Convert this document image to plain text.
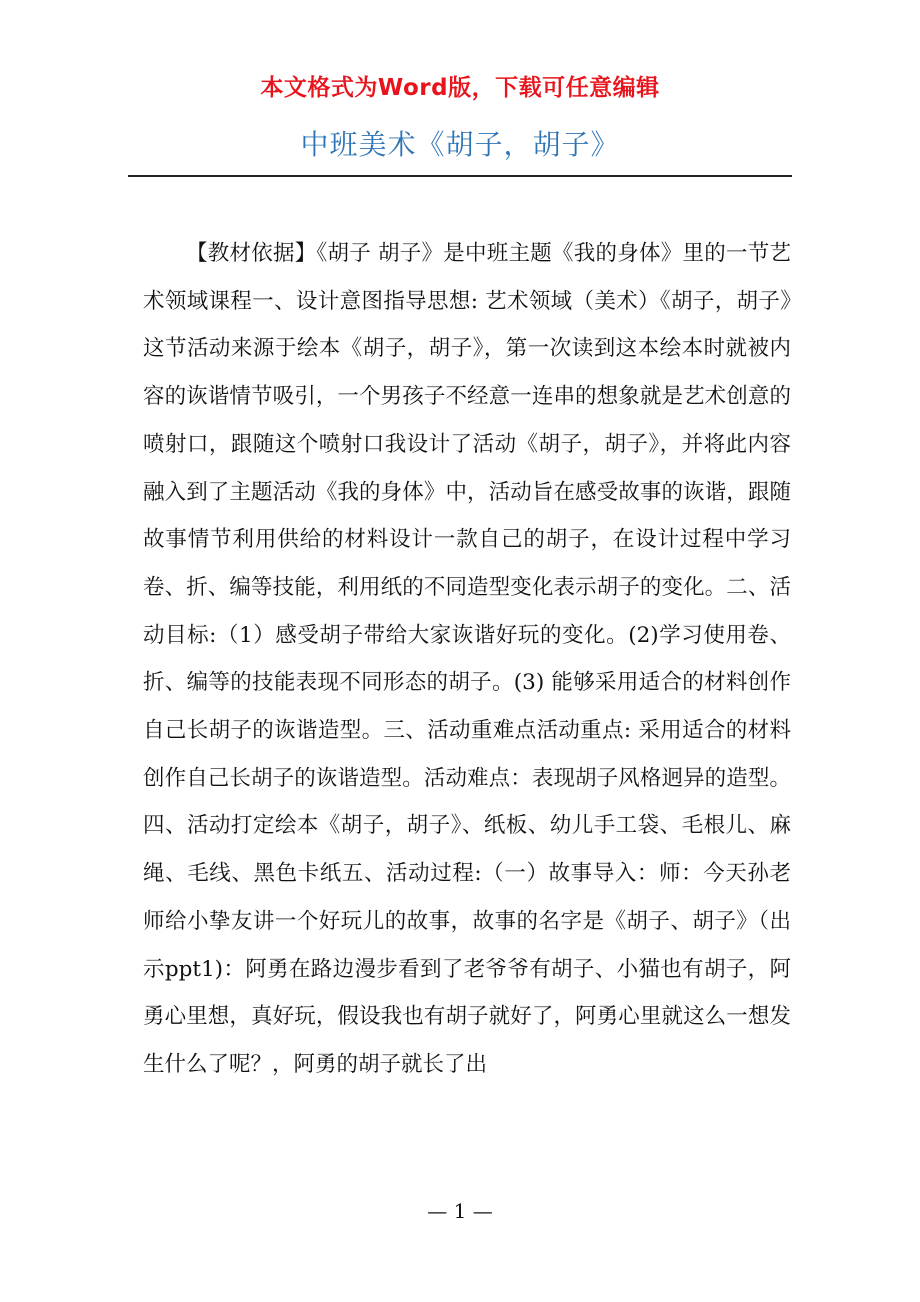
本文格式为Word版，下载可任意编辑
中班美术《胡子，胡子》

【教材依据】《胡子 胡子》是中班主题《我的身体》里的一节艺术领域课程一、设计意图指导思想: 艺术领域（美术）《胡子，胡子》这节活动来源于绘本《胡子，胡子》，第一次读到这本绘本时就被内容的诙谐情节吸引，一个男孩子不经意一连串的想象就是艺术创意的喷射口，跟随这个喷射口我设计了活动《胡子，胡子》，并将此内容融入到了主题活动《我的身体》中，活动旨在感受故事的诙谐，跟随故事情节利用供给的材料设计一款自己的胡子，在设计过程中学习卷、折、编等技能，利用纸的不同造型变化表示胡子的变化。二、活动目标:（1）感受胡子带给大家诙谐好玩的变化。(2)学习使用卷、折、编等的技能表现不同形态的胡子。(3) 能够采用适合的材料创作自己长胡子的诙谐造型。三、活动重难点活动重点: 采用适合的材料创作自己长胡子的诙谐造型。活动难点：表现胡子风格迥异的造型。四、活动打定绘本《胡子，胡子》、纸板、幼儿手工袋、毛根儿、麻绳、毛线、黑色卡纸五、活动过程:（一）故事导入：师：今天孙老师给小挚友讲一个好玩儿的故事，故事的名字是《胡子、胡子》（出示ppt1)：阿勇在路边漫步看到了老爷爷有胡子、小猫也有胡子，阿勇心里想，真好玩，假设我也有胡子就好了，阿勇心里就这么一想发生什么了呢？，阿勇的胡子就长了出

— 1 —
